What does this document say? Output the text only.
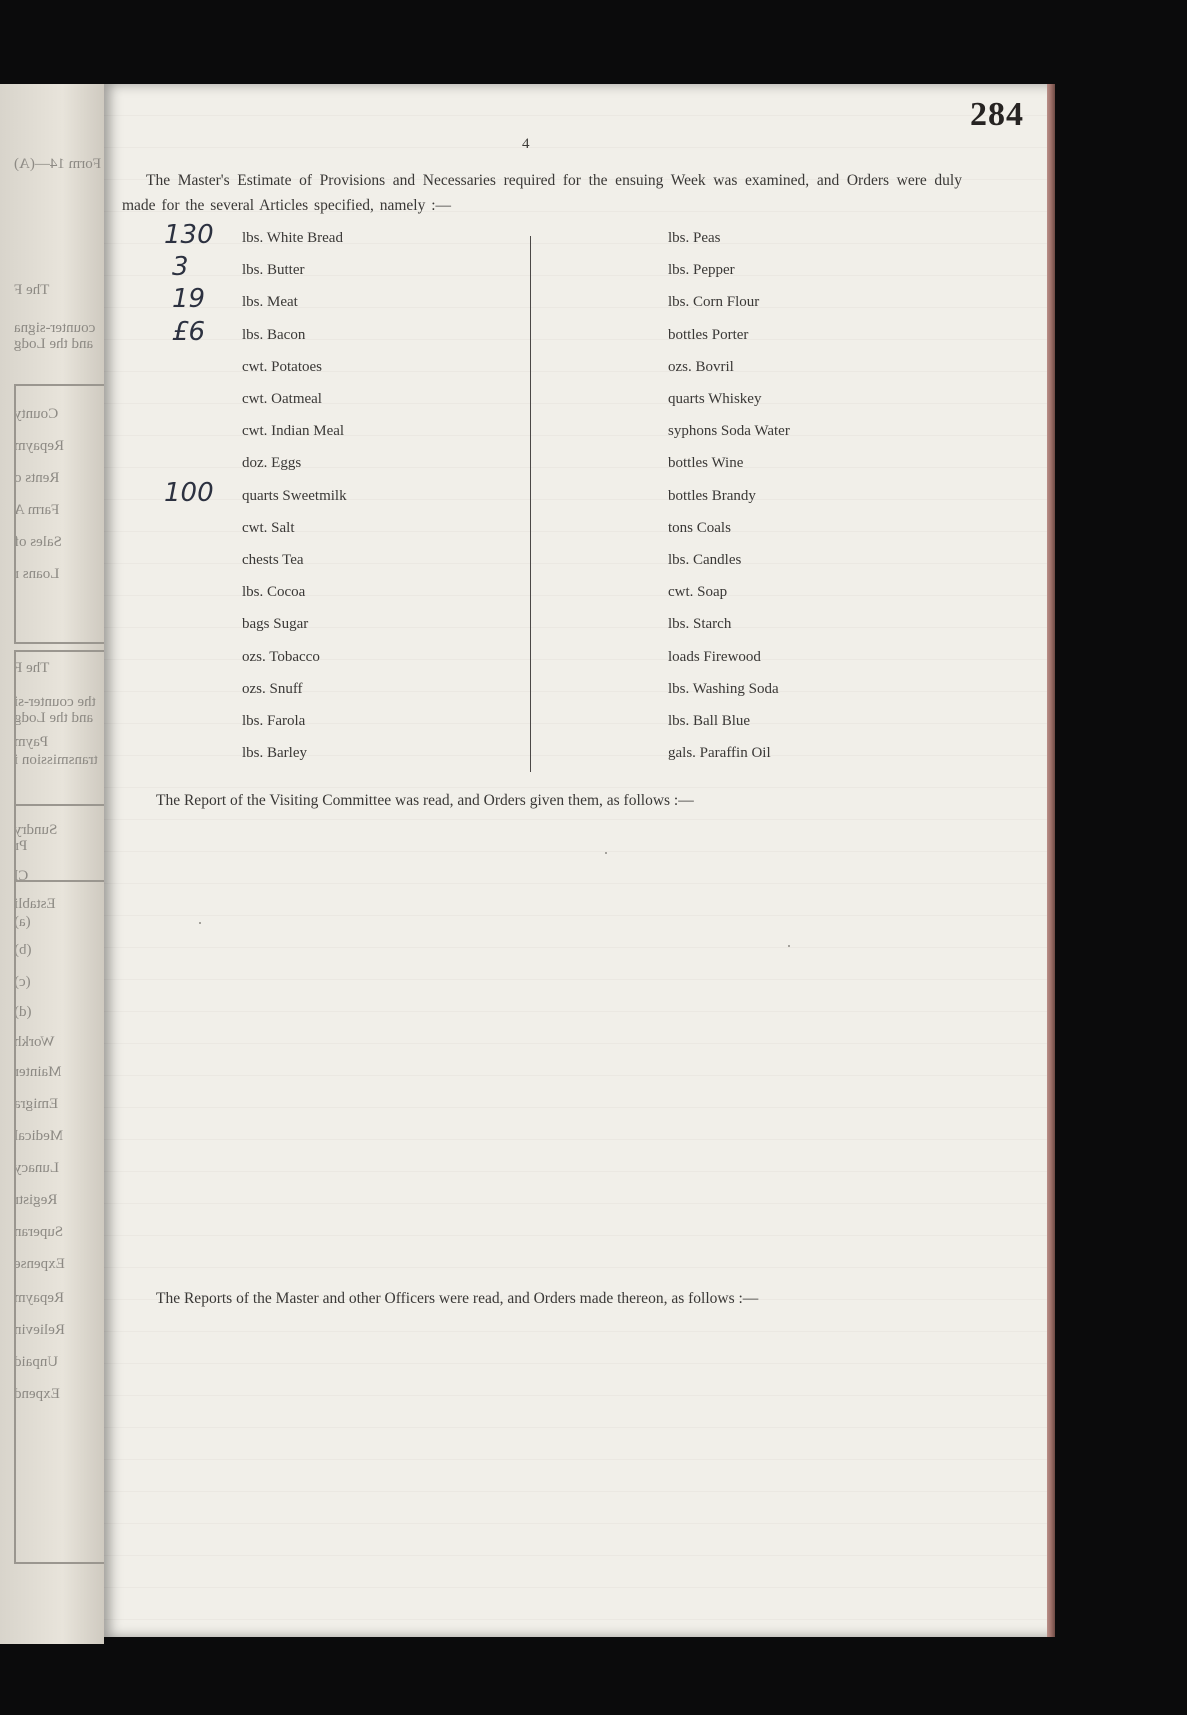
Form 14—(A)
The F
counter-signa
and the Lodg
County
Repaym
Rents o
Farm A
Sales of
Loans r
The F
the counter-si
and the Lodg
Paym
transmission i
Sundry
Pr
Cl
Establi
(a)
(b)
(c)
(d)
Workh
Mainter
Emigra
Medical
Lunacy
Registr
Superan
Expense
Repaym
Relievin
Unpaid
Expend
284
4
The Master's Estimate of Provisions and Necessaries required for the ensuing Week was examined, and Orders were duly made for the several Articles specified, namely :—
lbs. White Bread
130
lbs. Butter
3
lbs. Meat
19
lbs. Bacon
£6
cwt. Potatoes
cwt. Oatmeal
cwt. Indian Meal
doz. Eggs
quarts Sweetmilk
100
cwt. Salt
chests Tea
lbs. Cocoa
bags Sugar
ozs. Tobacco
ozs. Snuff
lbs. Farola
lbs. Barley
lbs. Peas
lbs. Pepper
lbs. Corn Flour
bottles Porter
ozs. Bovril
quarts Whiskey
syphons Soda Water
bottles Wine
bottles Brandy
tons Coals
lbs. Candles
cwt. Soap
lbs. Starch
loads Firewood
lbs. Washing Soda
lbs. Ball Blue
gals. Paraffin Oil
The Report of the Visiting Committee was read, and Orders given them, as follows :—
The Reports of the Master and other Officers were read, and Orders made thereon, as follows :—
